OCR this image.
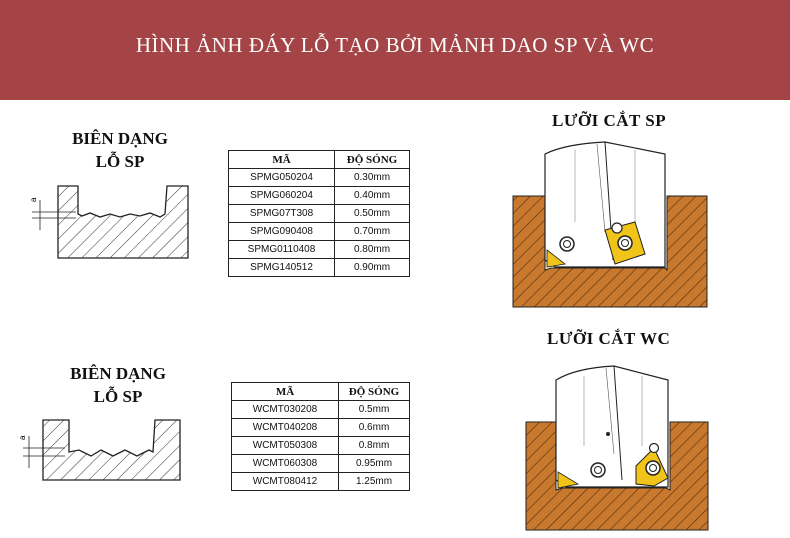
HÌNH ẢNH ĐÁY LỖ TẠO BỞI MẢNH DAO SP VÀ WC
BIÊN DẠNG
LỖ SP
a
MÃ	ĐỘ SÓNG
SPMG050204	0.30mm
SPMG060204	0.40mm
SPMG07T308	0.50mm
SPMG090408	0.70mm
SPMG0110408	0.80mm
SPMG140512	0.90mm
LƯỠI CẮT SP
BIÊN DẠNG
LỖ SP
a
MÃ	ĐỘ SÓNG
WCMT030208	0.5mm
WCMT040208	0.6mm
WCMT050308	0.8mm
WCMT060308	0.95mm
WCMT080412	1.25mm
LƯỠI CẮT WC
